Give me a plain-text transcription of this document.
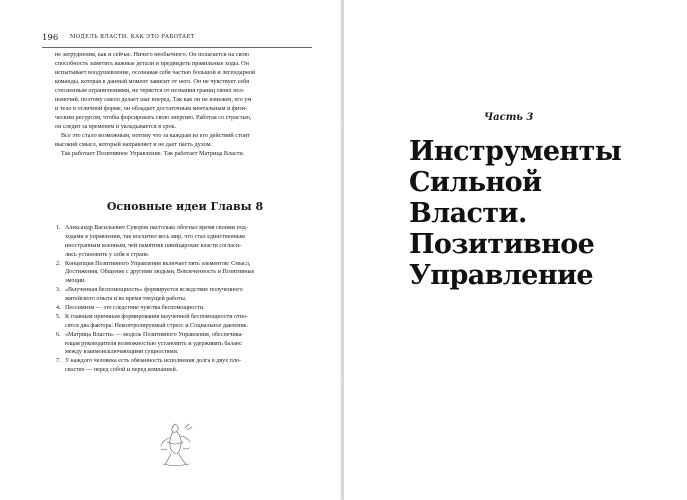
196 МОДЕЛЬ ВЛАСТИ. КАК ЭТО РАБОТАЕТ
не затруднения, как и сейчас. Ничего необычного. Он полагается на свою
способность заметить важные детали и предвидеть правильные ходы. Он
испытывает воодушевление, осознавая себя частью большой и легендарной
команды, которая в данный момент зависит от него. Он не чувствует себя
стесненным ограничениями, не теряется от незнания границ своих пол-
номочий, поэтому смело делает шаг вперед. Так как он не изнежен, его ум
и тело в отличной форме, он обладает достаточным ментальным и физи-
ческим ресурсом, чтобы форсировать свою энергию. Работая со страстью,
он следит за временем и укладывается в срок.
Все это стало возможным, потому что за каждым из его действий стоит
высокий смысл, который направляет и не дает пасть духом.
Так работает Позитивное Управление. Так работает Матрица Власти.
Основные идеи Главы 8
1. Александр Васильевич Суворов настолько обогнал время своими под-
ходами в управлении, так восхитил весь мир, что стал единственным
иностранным военным, чей памятник швейцарские власти согласи-
лись установить у себя в стране.
2. Концепция Позитивного Управления включает пять элементов: Смысл,
Достижения, Общение с другими людьми, Вовлеченность и Позитивные
эмоции.
3. «Выученная беспомощность» формируется вследствие полученного
житейского опыта и во время текущей работы.
4. Пессимизм — это следствие чувства беспомощности.
5. К главным причинам формирования выученной беспомощности отно-
сятся два фактора: Неконтролируемый стресс и Социальное давление.
6. «Матрица Власти» — модель Позитивного Управления, обеспечива-
ющая руководителя возможностью установить и удерживать баланс
между взаимоисключающими сущностями.
7. У каждого человека есть обязанность исполнения долга в двух пло-
скостях — перед собой и перед компанией.
Часть 3
Инструменты
Сильной
Власти.
Позитивное
Управление
